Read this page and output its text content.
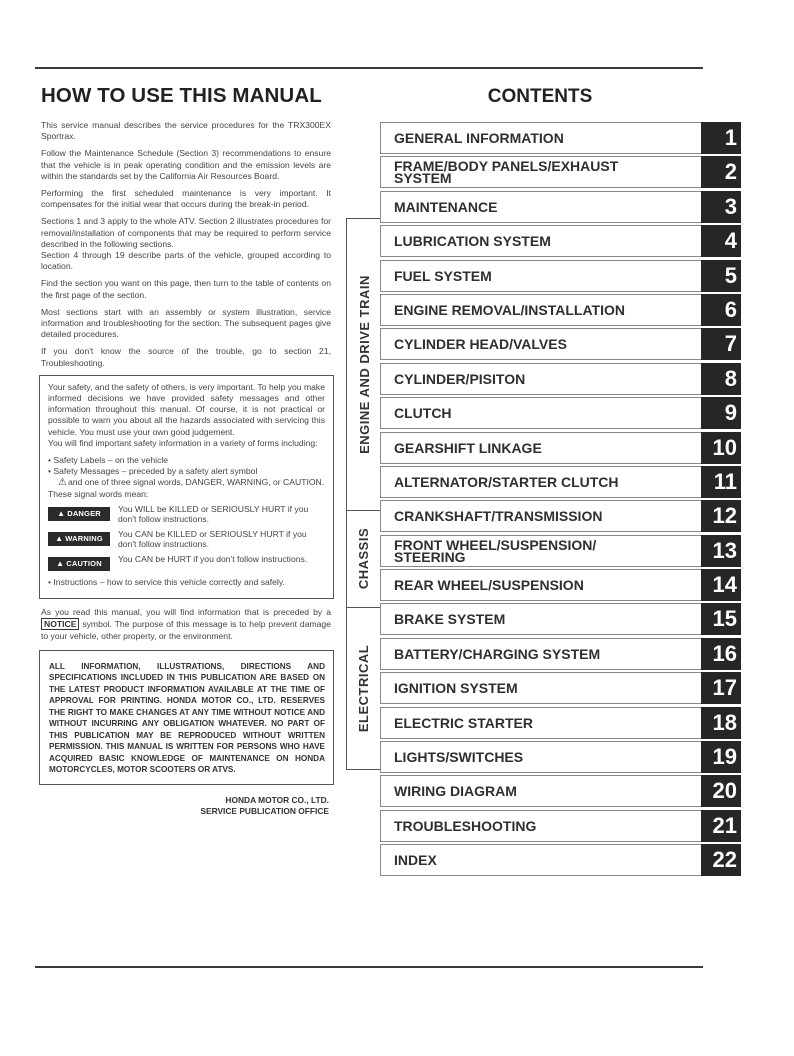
HOW TO USE THIS MANUAL

This service manual describes the service procedures for the TRX300EX Sportrax.

Follow the Maintenance Schedule (Section 3) recommendations to ensure that the vehicle is in peak operating condition and the emission levels are within the standards set by the California Air Resources Board.

Performing the first scheduled maintenance is very important. It compensates for the initial wear that occurs during the break-in period.

Sections 1 and 3 apply to the whole ATV. Section 2 illustrates procedures for removal/installation of components that may be required to perform service described in the following sections.

Section 4 through 19 describe parts of the vehicle, grouped according to location.

Find the section you want on this page, then turn to the table of contents on the first page of the section.

Most sections start with an assembly or system illustration, service information and troubleshooting for the section. The subsequent pages give detailed procedures.

If you don't know the source of the trouble, go to section 21, Troubleshooting.

Your safety, and the safety of others, is very important. To help you make informed decisions we have provided safety messages and other information throughout this manual. Of course, it is not practical or possible to warn you about all the hazards associated with servicing this vehicle. You must use your own good judgement.

You will find important safety information in a variety of forms including:

• Safety Labels – on the vehicle
• Safety Messages – preceded by a safety alert symbol
⚠and one of three signal words, DANGER, WARNING, or CAUTION. These signal words mean:
▲ DANGER You WILL be KILLED or SERIOUSLY HURT if you don't follow instructions.
▲ WARNING You CAN be KILLED or SERIOUSLY HURT if you don't follow instructions.
▲ CAUTION You CAN be HURT if you don't follow instructions.
• Instructions – how to service this vehicle correctly and safely.

As you read this manual, you will find information that is preceded by a NOTICE symbol. The purpose of this message is to help prevent damage to your vehicle, other property, or the environment.

ALL INFORMATION, ILLUSTRATIONS, DIRECTIONS AND SPECIFICATIONS INCLUDED IN THIS PUBLICATION ARE BASED ON THE LATEST PRODUCT INFORMATION AVAILABLE AT THE TIME OF APPROVAL FOR PRINTING. HONDA MOTOR CO., LTD. RESERVES THE RIGHT TO MAKE CHANGES AT ANY TIME WITHOUT NOTICE AND WITHOUT INCURRING ANY OBLIGATION WHATEVER. NO PART OF THIS PUBLICATION MAY BE REPRODUCED WITHOUT WRITTEN PERMISSION. THIS MANUAL IS WRITTEN FOR PERSONS WHO HAVE ACQUIRED BASIC KNOWLEDGE OF MAINTENANCE ON HONDA MOTORCYCLES, MOTOR SCOOTERS OR ATVS.

HONDA MOTOR CO., LTD.
SERVICE PUBLICATION OFFICE
CONTENTS
ENGINE AND DRIVE TRAIN
CHASSIS
ELECTRICAL
GENERAL INFORMATION	1
FRAME/BODY PANELS/EXHAUST SYSTEM	2
MAINTENANCE	3
LUBRICATION SYSTEM	4
FUEL SYSTEM	5
ENGINE REMOVAL/INSTALLATION	6
CYLINDER HEAD/VALVES	7
CYLINDER/PISITON	8
CLUTCH	9
GEARSHIFT LINKAGE	10
ALTERNATOR/STARTER CLUTCH	11
CRANKSHAFT/TRANSMISSION	12
FRONT WHEEL/SUSPENSION/ STEERING	13
REAR WHEEL/SUSPENSION	14
BRAKE SYSTEM	15
BATTERY/CHARGING SYSTEM	16
IGNITION SYSTEM	17
ELECTRIC STARTER	18
LIGHTS/SWITCHES	19
WIRING DIAGRAM	20
TROUBLESHOOTING	21
INDEX	22
